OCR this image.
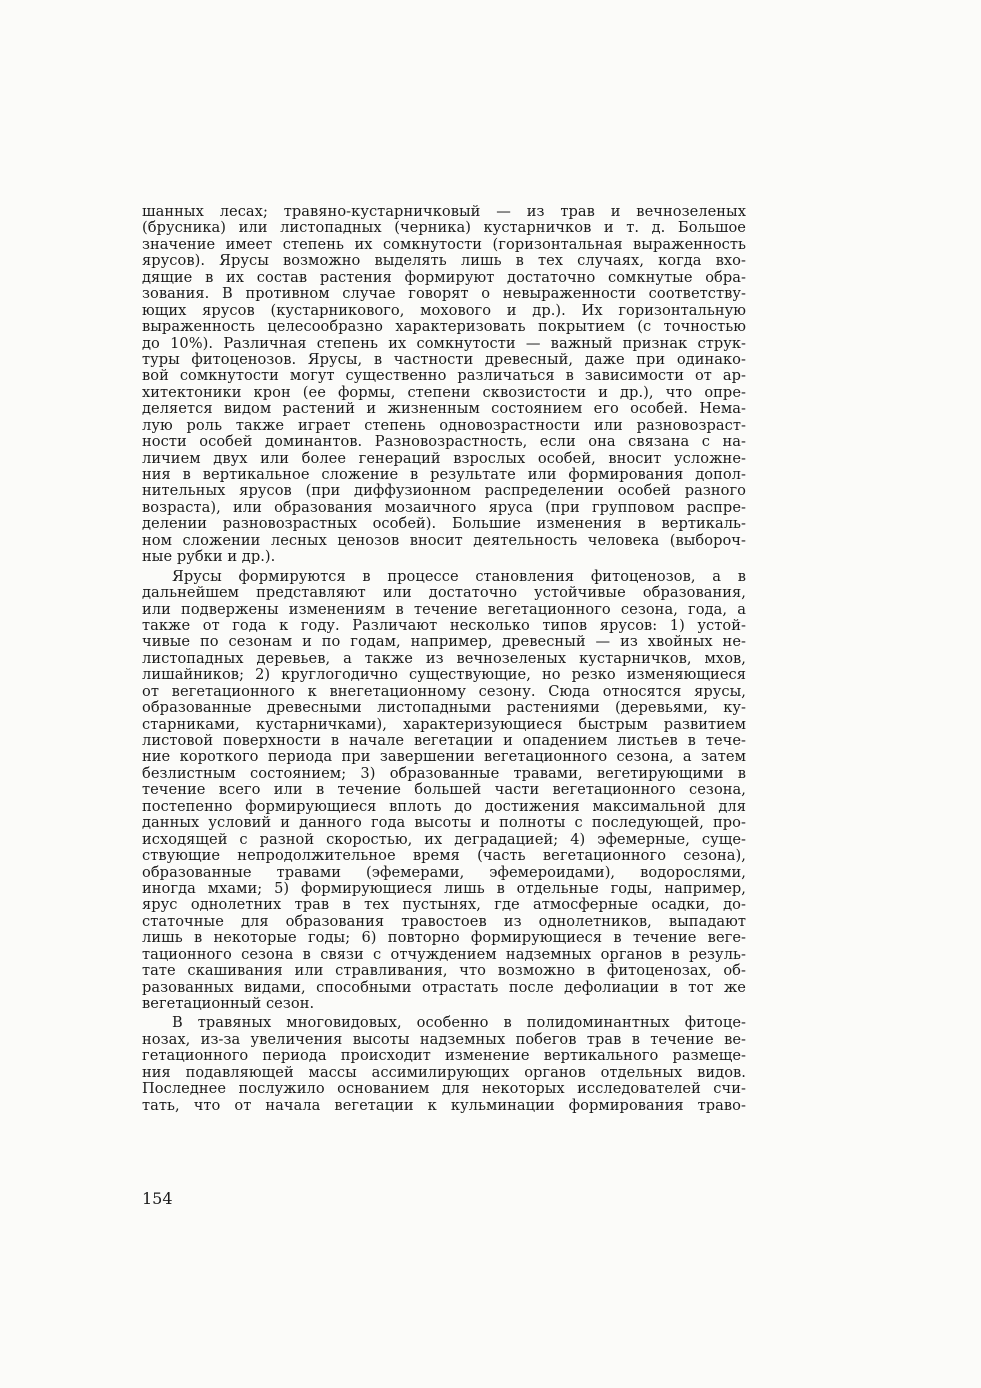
шанных лесах; травяно-кустарничковый — из трав и вечнозеленых
(брусника) или листопадных (черника) кустарничков и т. д. Большое
значение имеет степень их сомкнутости (горизонтальная выраженность
ярусов). Ярусы возможно выделять лишь в тех случаях, когда вхо-
дящие в их состав растения формируют достаточно сомкнутые обра-
зования. В противном случае говорят о невыраженности соответству-
ющих ярусов (кустарникового, мохового и др.). Их горизонтальную
выраженность целесообразно характеризовать покрытием (с точностью
до 10%). Различная степень их сомкнутости — важный признак струк-
туры фитоценозов. Ярусы, в частности древесный, даже при одинако-
вой сомкнутости могут существенно различаться в зависимости от ар-
хитектоники крон (ее формы, степени сквозистости и др.), что опре-
деляется видом растений и жизненным состоянием его особей. Нема-
лую роль также играет степень одновозрастности или разновозраст-
ности особей доминантов. Разновозрастность, если она связана с на-
личием двух или более генераций взрослых особей, вносит усложне-
ния в вертикальное сложение в результате или формирования допол-
нительных ярусов (при диффузионном распределении особей разного
возраста), или образования мозаичного яруса (при групповом распре-
делении разновозрастных особей). Большие изменения в вертикаль-
ном сложении лесных ценозов вносит деятельность человека (выбороч-
ные рубки и др.).
Ярусы формируются в процессе становления фитоценозов, а в
дальнейшем представляют или достаточно устойчивые образования,
или подвержены изменениям в течение вегетационного сезона, года, а
также от года к году. Различают несколько типов ярусов: 1) устой-
чивые по сезонам и по годам, например, древесный — из хвойных не-
листопадных деревьев, а также из вечнозеленых кустарничков, мхов,
лишайников; 2) круглогодично существующие, но резко изменяющиеся
от вегетационного к внегетационному сезону. Сюда относятся ярусы,
образованные древесными листопадными растениями (деревьями, ку-
старниками, кустарничками), характеризующиеся быстрым развитием
листовой поверхности в начале вегетации и опадением листьев в тече-
ние короткого периода при завершении вегетационного сезона, а затем
безлистным состоянием; 3) образованные травами, вегетирующими в
течение всего или в течение большей части вегетационного сезона,
постепенно формирующиеся вплоть до достижения максимальной для
данных условий и данного года высоты и полноты с последующей, про-
исходящей с разной скоростью, их деградацией; 4) эфемерные, суще-
ствующие непродолжительное время (часть вегетационного сезона),
образованные травами (эфемерами, эфемероидами), водорослями,
иногда мхами; 5) формирующиеся лишь в отдельные годы, например,
ярус однолетних трав в тех пустынях, где атмосферные осадки, до-
статочные для образования травостоев из однолетников, выпадают
лишь в некоторые годы; 6) повторно формирующиеся в течение веге-
тационного сезона в связи с отчуждением надземных органов в резуль-
тате скашивания или стравливания, что возможно в фитоценозах, об-
разованных видами, способными отрастать после дефолиации в тот же
вегетационный сезон.
В травяных многовидовых, особенно в полидоминантных фитоце-
нозах, из-за увеличения высоты надземных побегов трав в течение ве-
гетационного периода происходит изменение вертикального размеще-
ния подавляющей массы ассимилирующих органов отдельных видов.
Последнее послужило основанием для некоторых исследователей счи-
тать, что от начала вегетации к кульминации формирования траво-
154
